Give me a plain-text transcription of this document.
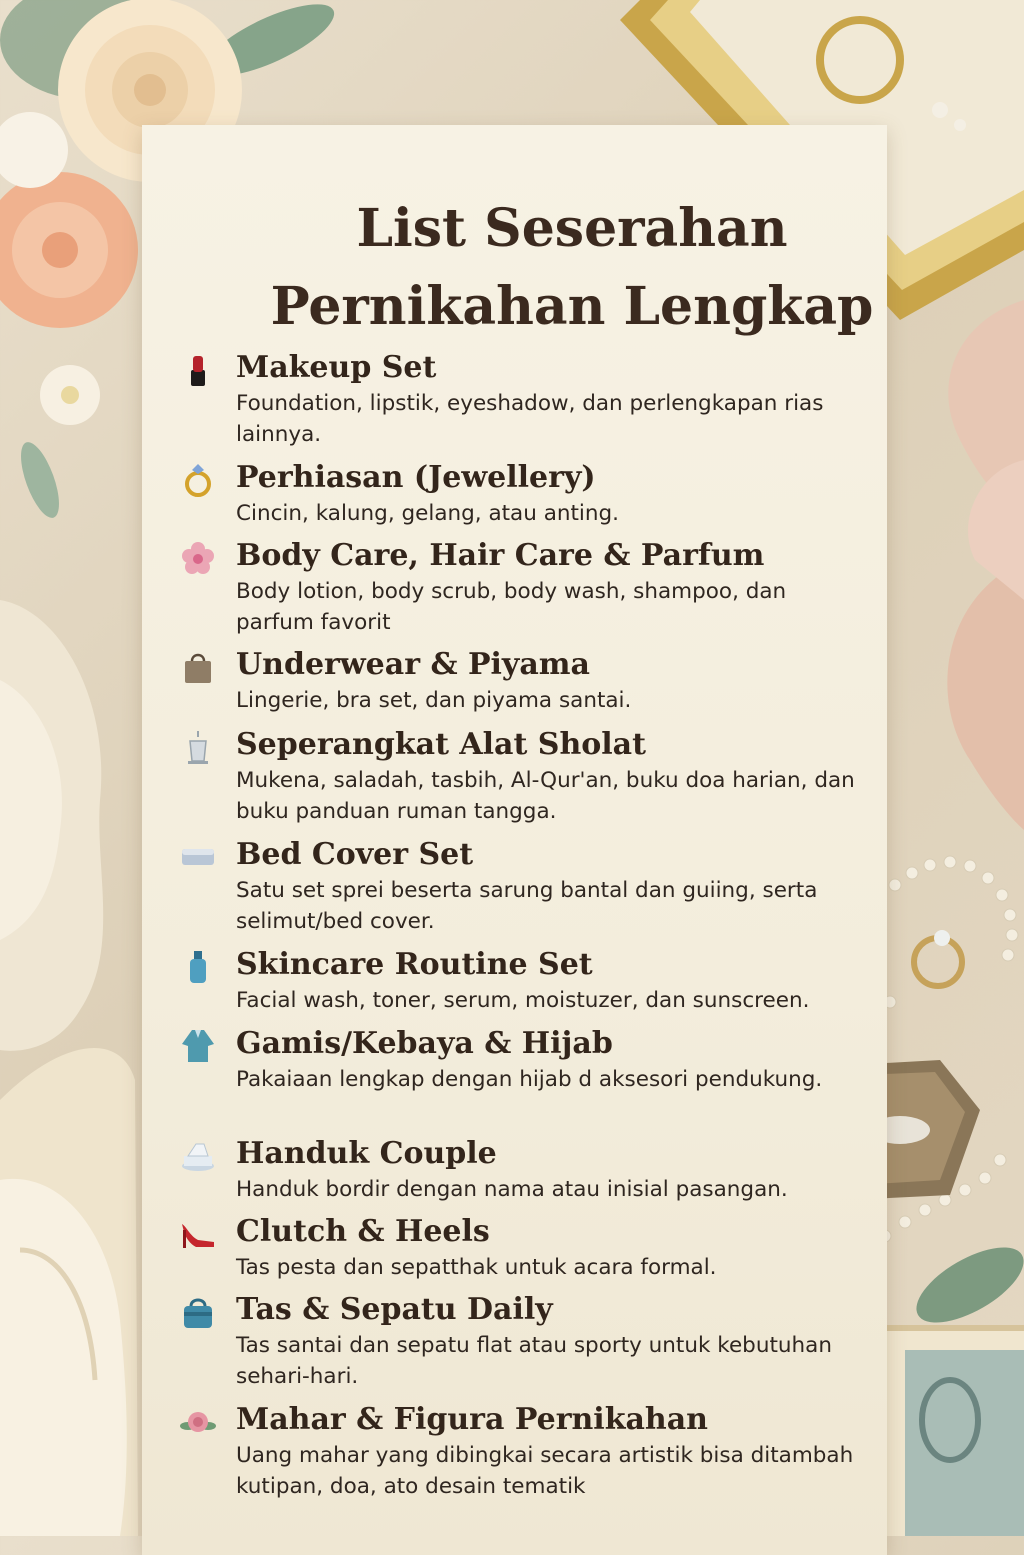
List Seserahan
Pernikahan Lengkap
Makeup Set

Foundation, lipstik, eyeshadow, dan perlengkapan rias lainnya.

Perhiasan (Jewellery)

Cincin, kalung, gelang, atau anting.

Body Care, Hair Care & Parfum

Body lotion, body scrub, body wash, shampoo, dan parfum favorit

Underwear & Piyama

Lingerie, bra set, dan piyama santai.

Seperangkat Alat Sholat

Mukena, saladah, tasbih, Al-Qur'an, buku doa harian, dan buku panduan ruman tangga.

Bed Cover Set

Satu set sprei beserta sarung bantal dan guiing, serta selimut/bed cover.

Skincare Routine Set

Facial wash, toner, serum, moistuzer, dan sunscreen.

Gamis/Kebaya & Hijab

Pakaiaan lengkap dengan hijab d aksesori pendukung.

Handuk Couple

Handuk bordir dengan nama atau inisial pasangan.

Clutch & Heels

Tas pesta dan sepatthak untuk acara formal.

Tas & Sepatu Daily

Tas santai dan sepatu flat atau sporty untuk kebutuhan sehari-hari.

Mahar & Figura Pernikahan

Uang mahar yang dibingkai secara artistik bisa ditambah kutipan, doa, ato desain tematik
